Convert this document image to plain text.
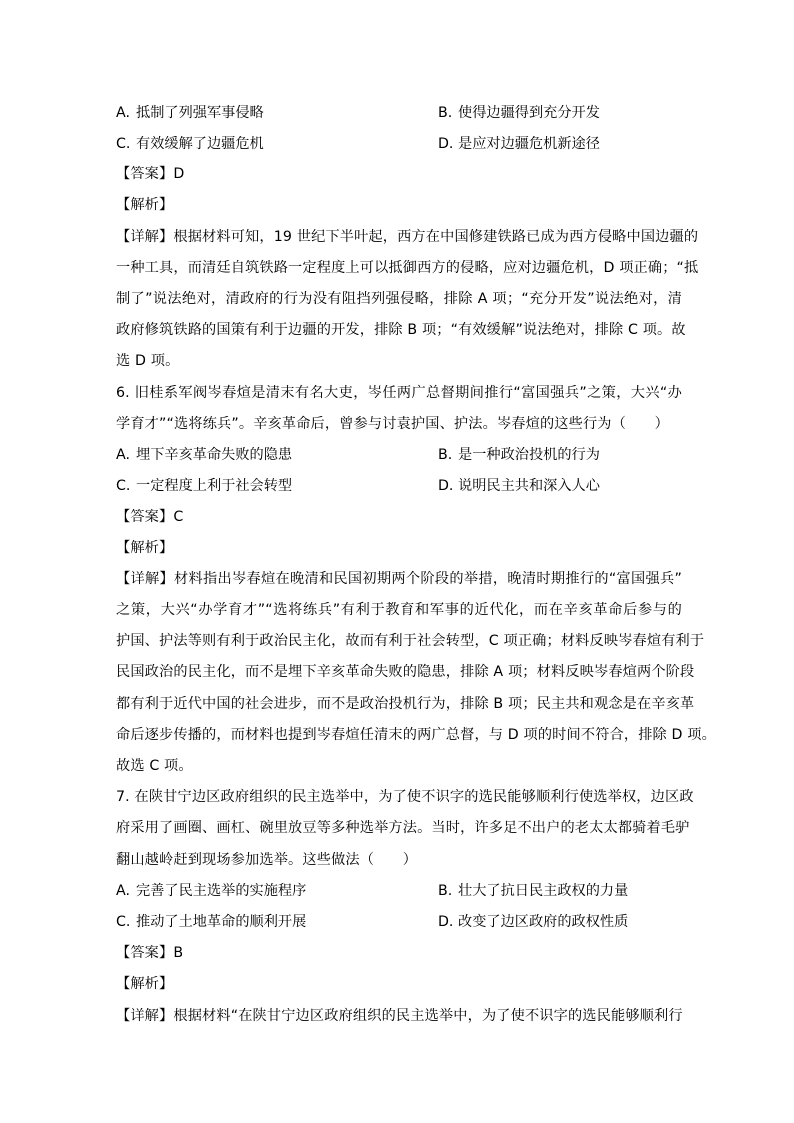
A. 抵制了列强军事侵略	B. 使得边疆得到充分开发
C. 有效缓解了边疆危机	D. 是应对边疆危机新途径
【答案】D
【解析】
【详解】根据材料可知，19 世纪下半叶起，西方在中国修建铁路已成为西方侵略中国边疆的
一种工具，而清廷自筑铁路一定程度上可以抵御西方的侵略，应对边疆危机，D 项正确；“抵
制了”说法绝对，清政府的行为没有阻挡列强侵略，排除 A 项；“充分开发”说法绝对，清
政府修筑铁路的国策有利于边疆的开发，排除 B 项；“有效缓解”说法绝对，排除 C 项。故
选 D 项。
6. 旧桂系军阀岑春煊是清末有名大吏，岑任两广总督期间推行“富国强兵”之策，大兴“办
学育才”“选将练兵”。辛亥革命后，曾参与讨袁护国、护法。岑春煊的这些行为（　　）
A. 埋下辛亥革命失败的隐患	B. 是一种政治投机的行为
C. 一定程度上利于社会转型	D. 说明民主共和深入人心
【答案】C
【解析】
【详解】材料指出岑春煊在晚清和民国初期两个阶段的举措，晚清时期推行的“富国强兵”
之策，大兴“办学育才”“选将练兵”有利于教育和军事的近代化，而在辛亥革命后参与的
护国、护法等则有利于政治民主化，故而有利于社会转型，C 项正确；材料反映岑春煊有利于
民国政治的民主化，而不是埋下辛亥革命失败的隐患，排除 A 项；材料反映岑春煊两个阶段
都有利于近代中国的社会进步，而不是政治投机行为，排除 B 项；民主共和观念是在辛亥革
命后逐步传播的，而材料也提到岑春煊任清末的两广总督，与 D 项的时间不符合，排除 D 项。
故选 C 项。
7. 在陕甘宁边区政府组织的民主选举中，为了使不识字的选民能够顺利行使选举权，边区政
府采用了画圈、画杠、碗里放豆等多种选举方法。当时，许多足不出户的老太太都骑着毛驴
翻山越岭赶到现场参加选举。这些做法（　　）
A. 完善了民主选举的实施程序	B. 壮大了抗日民主政权的力量
C. 推动了土地革命的顺利开展	D. 改变了边区政府的政权性质
【答案】B
【解析】
【详解】根据材料“在陕甘宁边区政府组织的民主选举中，为了使不识字的选民能够顺利行
